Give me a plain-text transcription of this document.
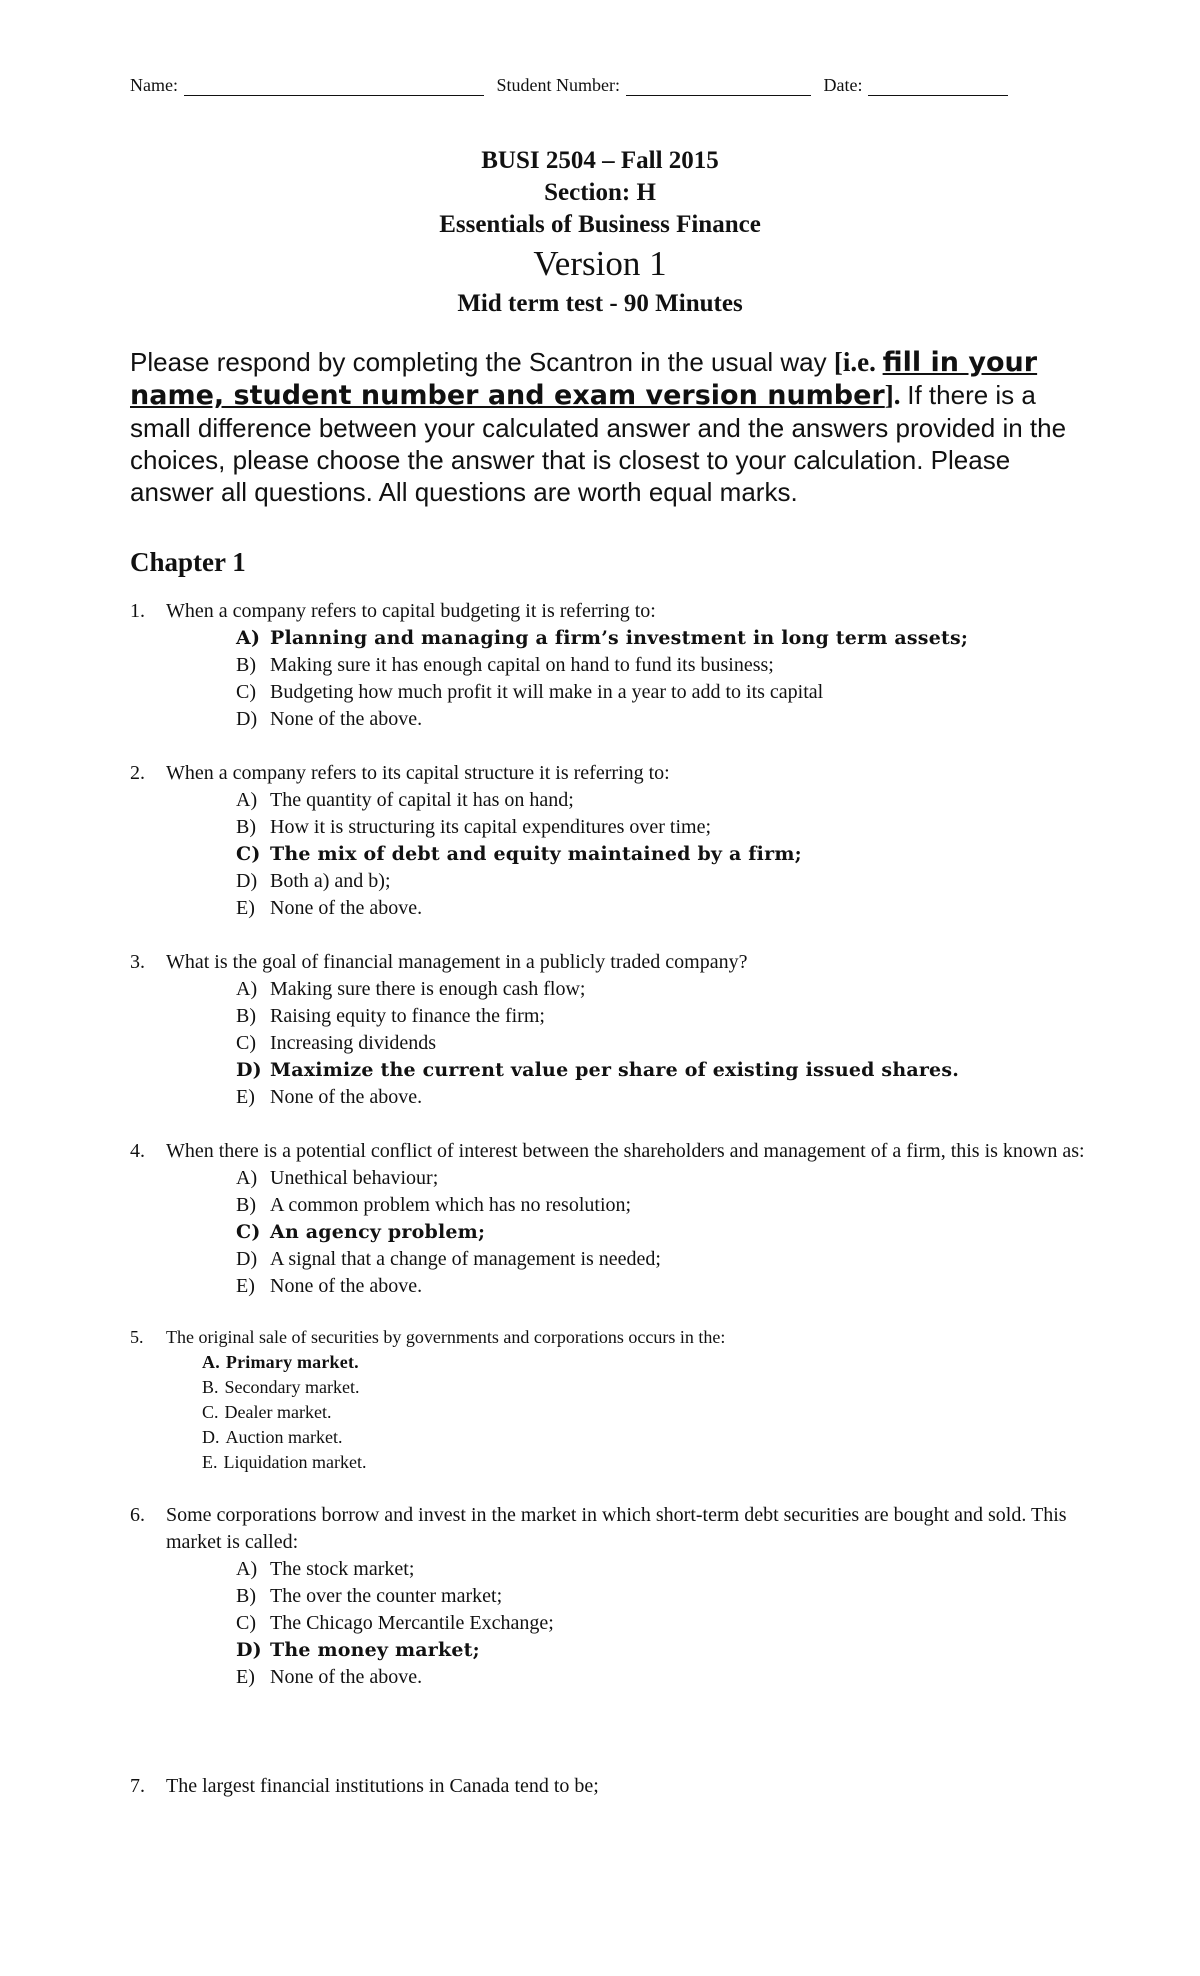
Name:	Student Number:	Date:
BUSI 2504 – Fall 2015
Section: H
Essentials of Business Finance
Version 1
Mid term test - 90 Minutes
Please respond by completing the Scantron in the usual way [i.e. fill in your name, student number and exam version number]. If there is a small difference between your calculated answer and the answers provided in the choices, please choose the answer that is closest to your calculation. Please answer all questions. All questions are worth equal marks.
Chapter 1
1.	When a company refers to capital budgeting it is referring to:
A) Planning and managing a firm’s investment in long term assets;
B) Making sure it has enough capital on hand to fund its business;
C) Budgeting how much profit it will make in a year to add to its capital
D) None of the above.
2.	When a company refers to its capital structure it is referring to:
A) The quantity of capital it has on hand;
B) How it is structuring its capital expenditures over time;
C) The mix of debt and equity maintained by a firm;
D) Both a) and b);
E) None of the above.
3.	What is the goal of financial management in a publicly traded company?
A) Making sure there is enough cash flow;
B) Raising equity to finance the firm;
C) Increasing dividends
D) Maximize the current value per share of existing issued shares.
E) None of the above.
4.	When there is a potential conflict of interest between the shareholders and management of a firm, this is known as:
A) Unethical behaviour;
B) A common problem which has no resolution;
C) An agency problem;
D) A signal that a change of management is needed;
E) None of the above.
5.	The original sale of securities by governments and corporations occurs in the:
A. Primary market.
B. Secondary market.
C. Dealer market.
D. Auction market.
E. Liquidation market.
6.	Some corporations borrow and invest in the market in which short-term debt securities are bought and sold. This market is called:
A) The stock market;
B) The over the counter market;
C) The Chicago Mercantile Exchange;
D) The money market;
E) None of the above.
7.	The largest financial institutions in Canada tend to be;
